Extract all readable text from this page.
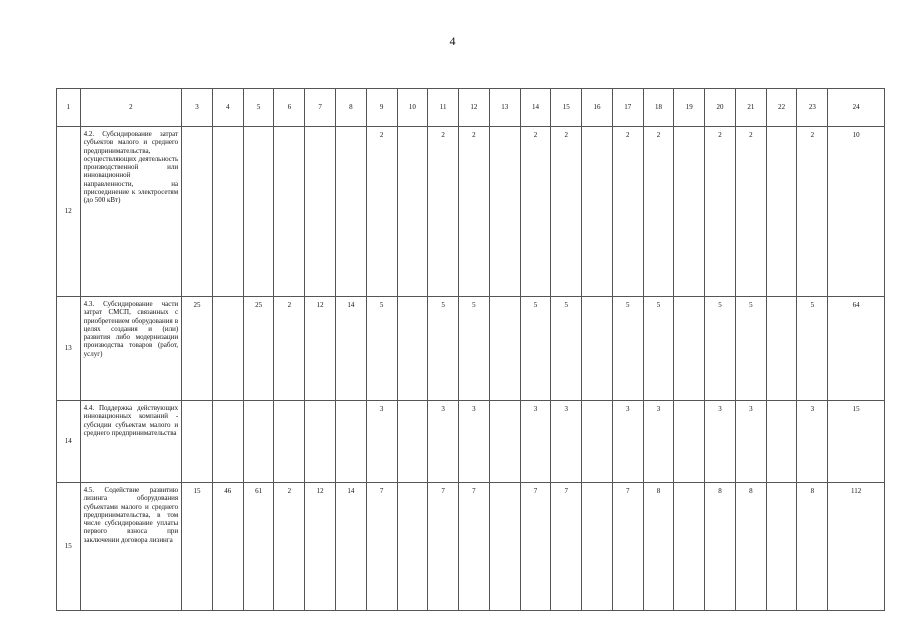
4
1	2	3	4	5	6	7	8	9	10	11	12	13	14	15	16	17	18	19	20	21	22	23	24
12	4.2. Субсидирование затрат субъектов малого и среднего предпринимательства, осуществляющих деятельность производственной или инновационной направленности, на присоединение к электросетям (до 500 кВт)							2		2	2		2	2		2	2		2	2		2	10
13	4.3. Субсидирование части затрат СМСП, связанных с приобретением оборудования в целях создания и (или) развития либо модернизации производства товаров (работ, услуг)	25		25	2	12	14	5		5	5		5	5		5	5		5	5		5	64
14	4.4. Поддержка действующих инновационных компаний - субсидии субъектам малого и среднего предпринимательства							3		3	3		3	3		3	3		3	3		3	15
15	4.5. Содействие развитию лизинга оборудования субъектами малого и среднего предпринимательства, в том числе субсидирование уплаты первого взноса при заключении договора лизинга	15	46	61	2	12	14	7		7	7		7	7		7	8		8	8		8	112
